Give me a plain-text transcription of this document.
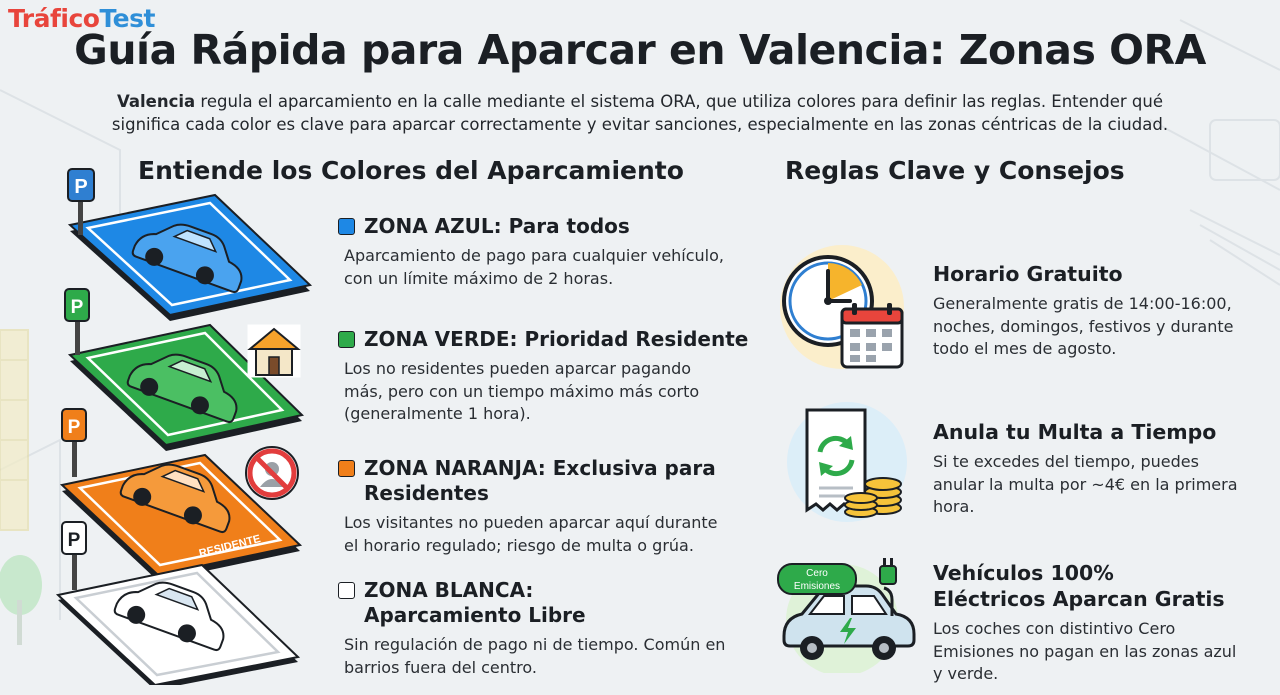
TráficoTest
Guía Rápida para Aparcar en Valencia: Zonas ORA
Valencia regula el aparcamiento en la calle mediante el sistema ORA, que utiliza colores para definir las reglas. Entender qué
significa cada color es clave para aparcar correctamente y evitar sanciones, especialmente en las zonas céntricas de la ciudad.
Entiende los Colores del Aparcamiento	Reglas Clave y Consejos
P
P
RESIDENTE
P
P
ZONA AZUL: Para todos
Aparcamiento de pago para cualquier vehículo, con un límite máximo de 2 horas.
ZONA VERDE: Prioridad Residente
Los no residentes pueden aparcar pagando más, pero con un tiempo máximo más corto (generalmente 1 hora).
ZONA NARANJA: Exclusiva para Residentes
Los visitantes no pueden aparcar aquí durante el horario regulado; riesgo de multa o grúa.
ZONA BLANCA: Aparcamiento Libre
Sin regulación de pago ni de tiempo. Común en barrios fuera del centro.
Cero
Emisiones
Horario Gratuito
Generalmente gratis de 14:00-16:00, noches, domingos, festivos y durante todo el mes de agosto.
Anula tu Multa a Tiempo
Si te excedes del tiempo, puedes anular la multa por ~4€ en la primera hora.
Vehículos 100% Eléctricos Aparcan Gratis
Los coches con distintivo Cero Emisiones no pagan en las zonas azul y verde.
